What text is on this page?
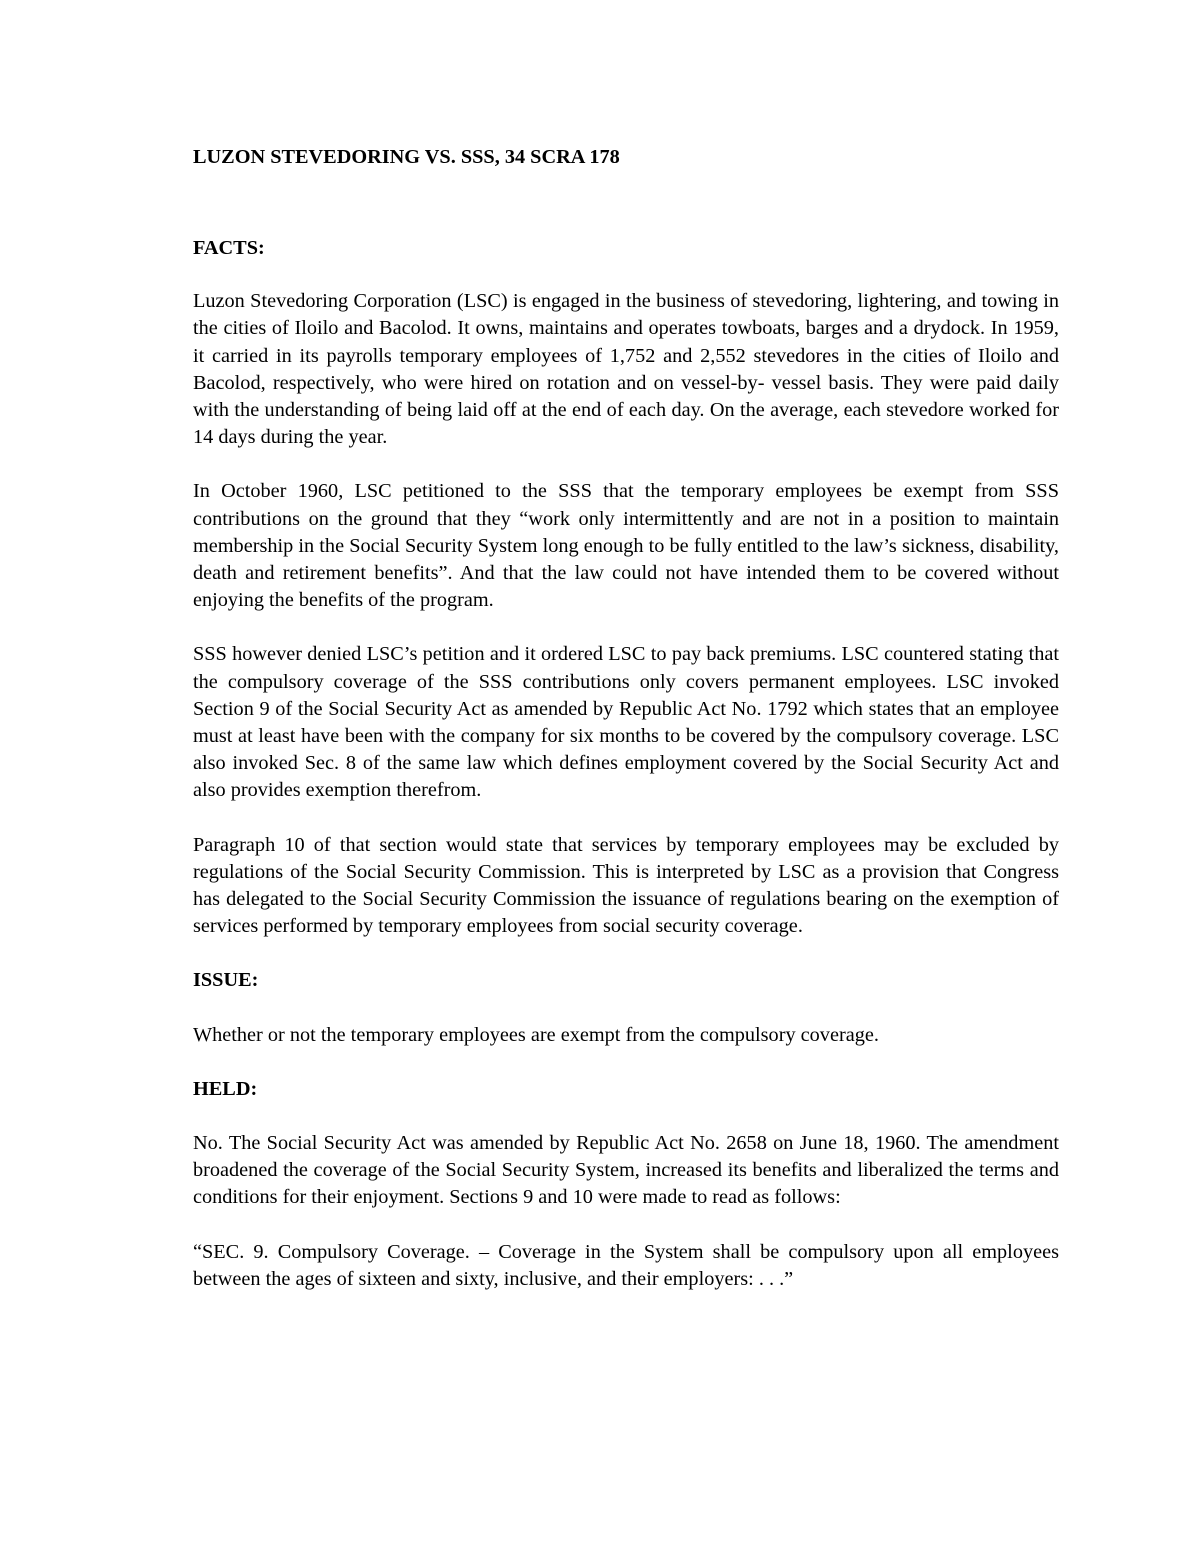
LUZON STEVEDORING VS. SSS, 34 SCRA 178

FACTS:

Luzon Stevedoring Corporation (LSC) is engaged in the business of stevedoring, lightering, and towing in the cities of Iloilo and Bacolod. It owns, maintains and operates towboats, barges and a drydock. In 1959, it carried in its payrolls temporary employees of 1,752 and 2,552 stevedores in the cities of Iloilo and Bacolod, respectively, who were hired on rotation and on vessel-by- vessel basis. They were paid daily with the understanding of being laid off at the end of each day. On the average, each stevedore worked for 14 days during the year.

In October 1960, LSC petitioned to the SSS that the temporary employees be exempt from SSS contributions on the ground that they “work only intermittently and are not in a position to maintain membership in the Social Security System long enough to be fully entitled to the law’s sickness, disability, death and retirement benefits”. And that the law could not have intended them to be covered without enjoying the benefits of the program.

SSS however denied LSC’s petition and it ordered LSC to pay back premiums. LSC countered stating that the compulsory coverage of the SSS contributions only covers permanent employees. LSC invoked Section 9 of the Social Security Act as amended by Republic Act No. 1792 which states that an employee must at least have been with the company for six months to be covered by the compulsory coverage. LSC also invoked Sec. 8 of the same law which defines employment covered by the Social Security Act and also provides exemption therefrom.

Paragraph 10 of that section would state that services by temporary employees may be excluded by regulations of the Social Security Commission. This is interpreted by LSC as a provision that Congress has delegated to the Social Security Commission the issuance of regulations bearing on the exemption of services performed by temporary employees from social security coverage.

ISSUE:

Whether or not the temporary employees are exempt from the compulsory coverage.

HELD:

No. The Social Security Act was amended by Republic Act No. 2658 on June 18, 1960. The amendment broadened the coverage of the Social Security System, increased its benefits and liberalized the terms and conditions for their enjoyment. Sections 9 and 10 were made to read as follows:

“SEC. 9. Compulsory Coverage. – Coverage in the System shall be compulsory upon all employees between the ages of sixteen and sixty, inclusive, and their employers: . . .”
